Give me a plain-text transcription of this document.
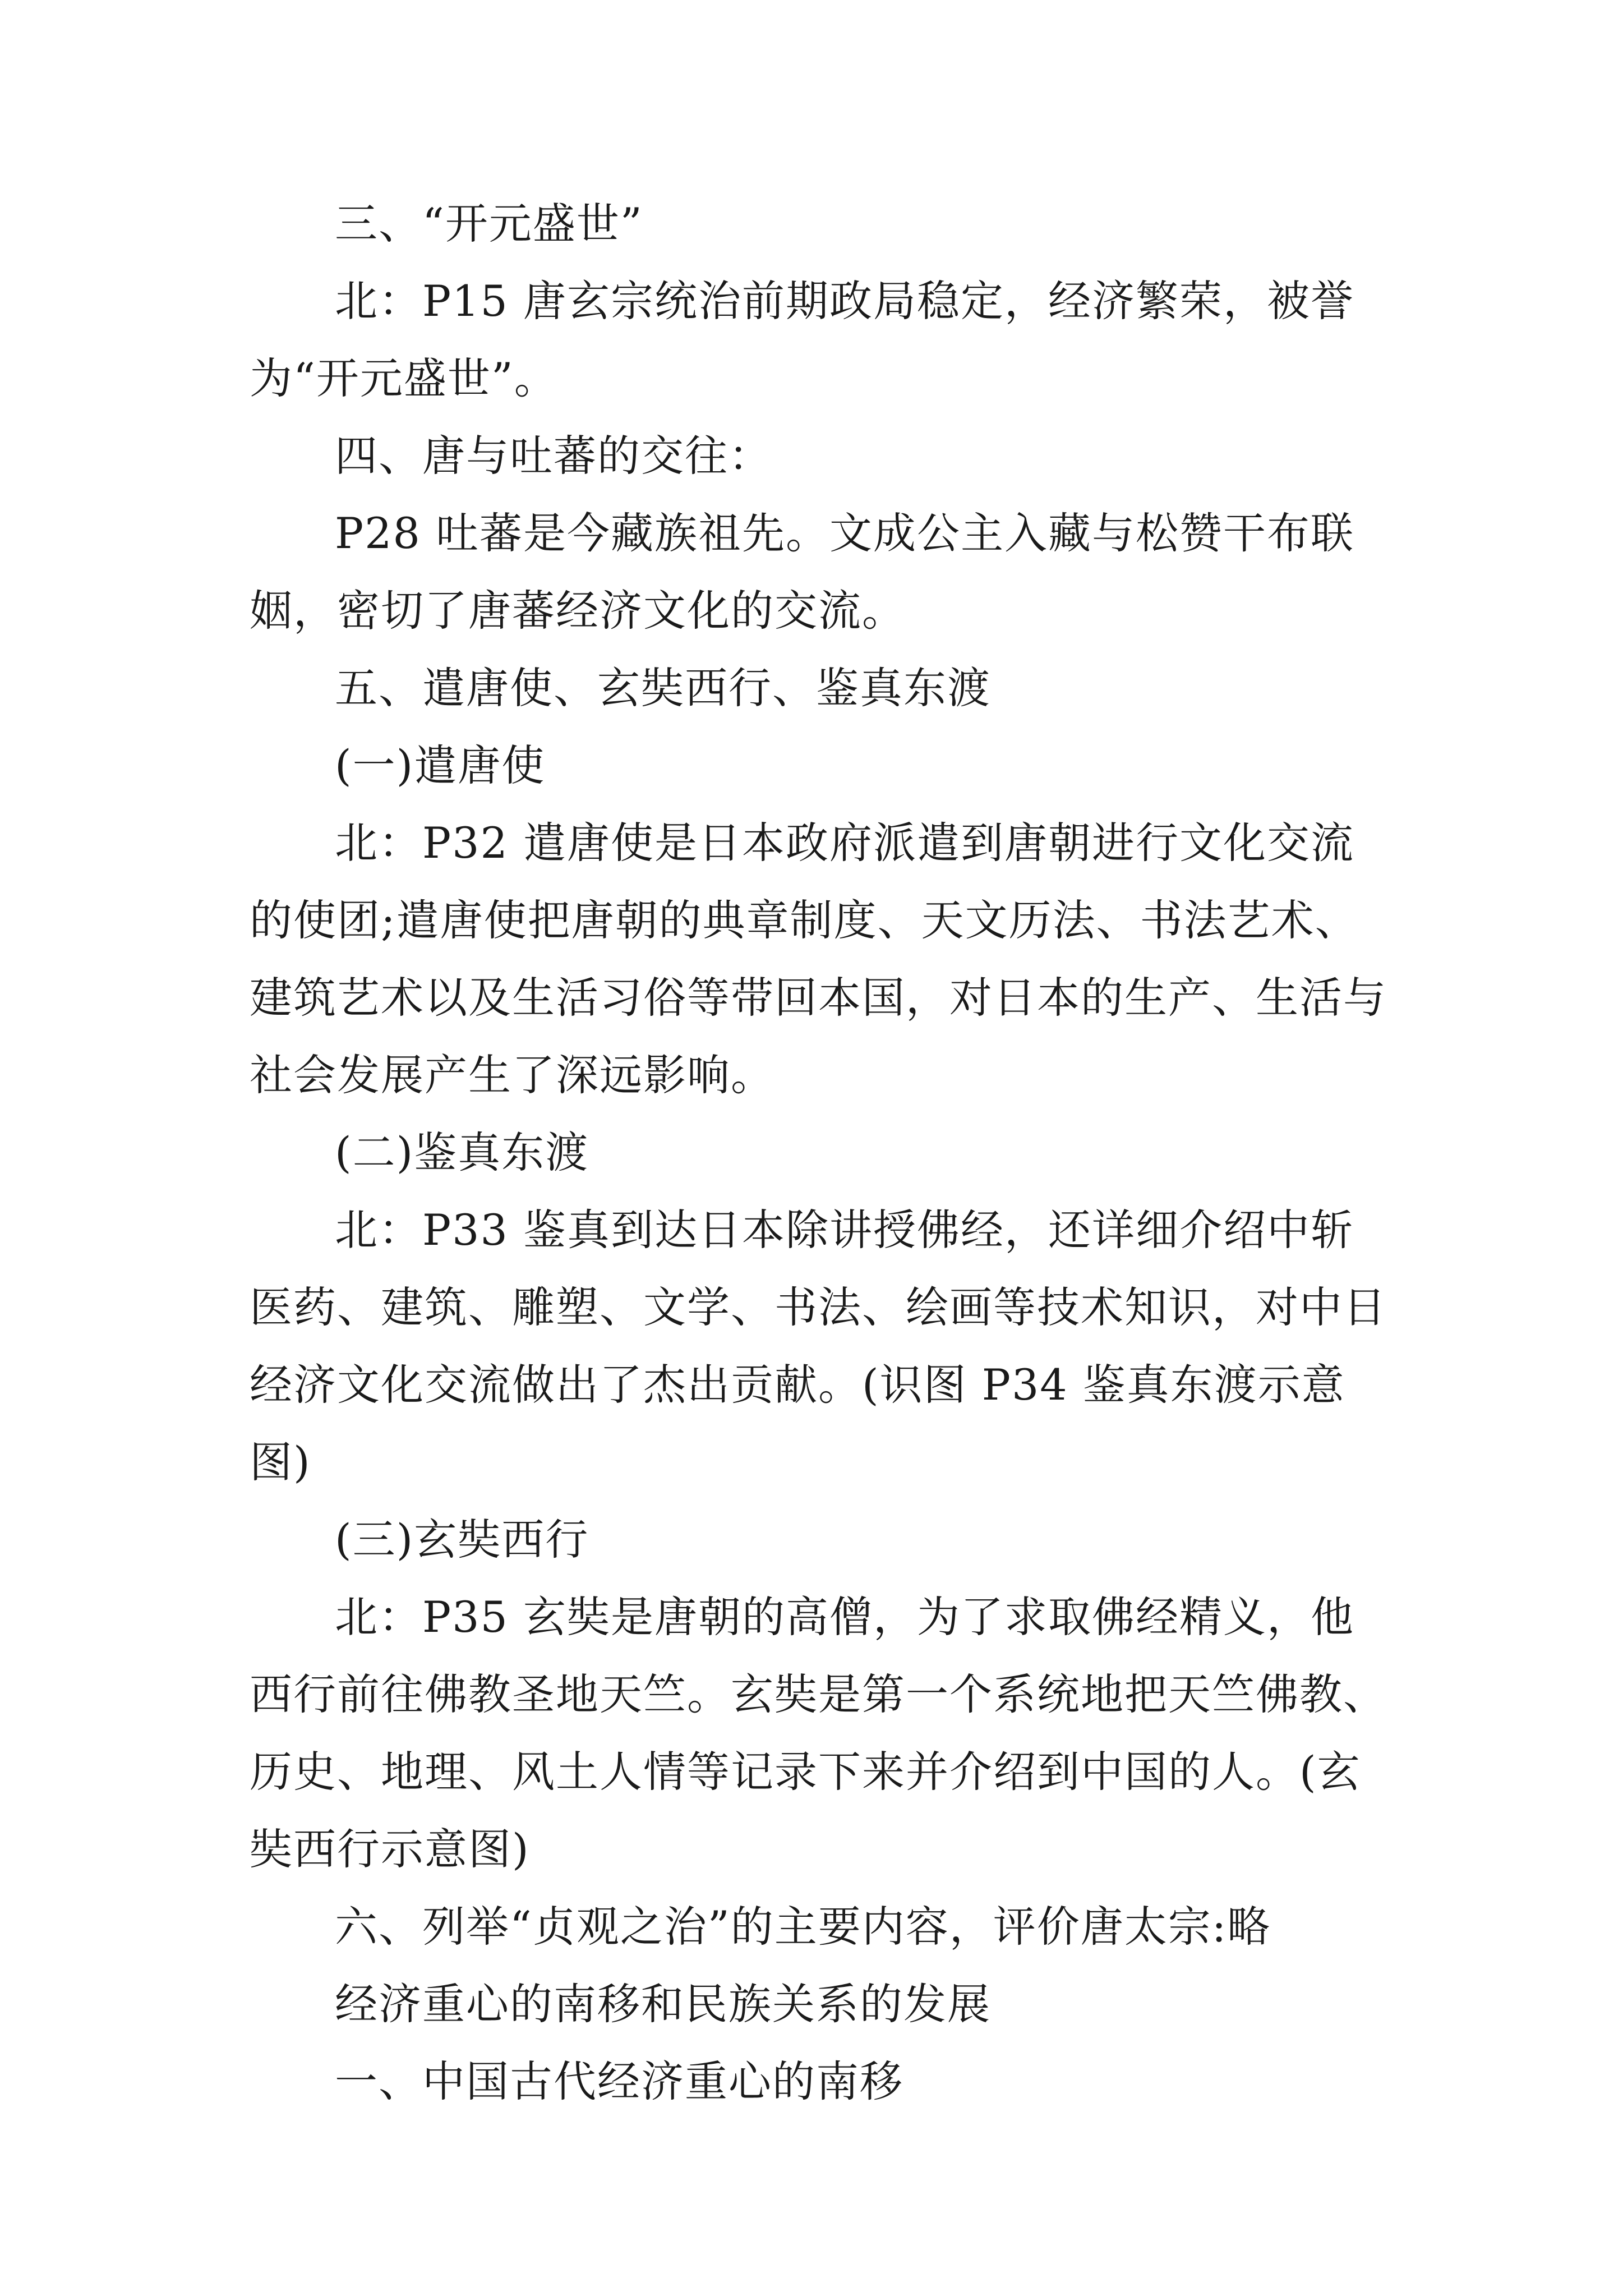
三、“开元盛世”

北：P15 唐玄宗统治前期政局稳定，经济繁荣，被誉为“开元盛世”。

四、唐与吐蕃的交往：

P28 吐蕃是今藏族祖先。文成公主入藏与松赞干布联姻，密切了唐蕃经济文化的交流。

五、遣唐使、玄奘西行、鉴真东渡

(一)遣唐使

北：P32 遣唐使是日本政府派遣到唐朝进行文化交流的使团;遣唐使把唐朝的典章制度、天文历法、书法艺术、建筑艺术以及生活习俗等带回本国，对日本的生产、生活与社会发展产生了深远影响。

(二)鉴真东渡

北：P33 鉴真到达日本除讲授佛经，还详细介绍中斩医药、建筑、雕塑、文学、书法、绘画等技术知识，对中日经济文化交流做出了杰出贡献。(识图 P34 鉴真东渡示意图)

(三)玄奘西行

北：P35 玄奘是唐朝的高僧，为了求取佛经精义，他西行前往佛教圣地天竺。玄奘是第一个系统地把天竺佛教、历史、地理、风土人情等记录下来并介绍到中国的人。(玄奘西行示意图)

六、列举“贞观之治”的主要内容，评价唐太宗:略

经济重心的南移和民族关系的发展

一、中国古代经济重心的南移
